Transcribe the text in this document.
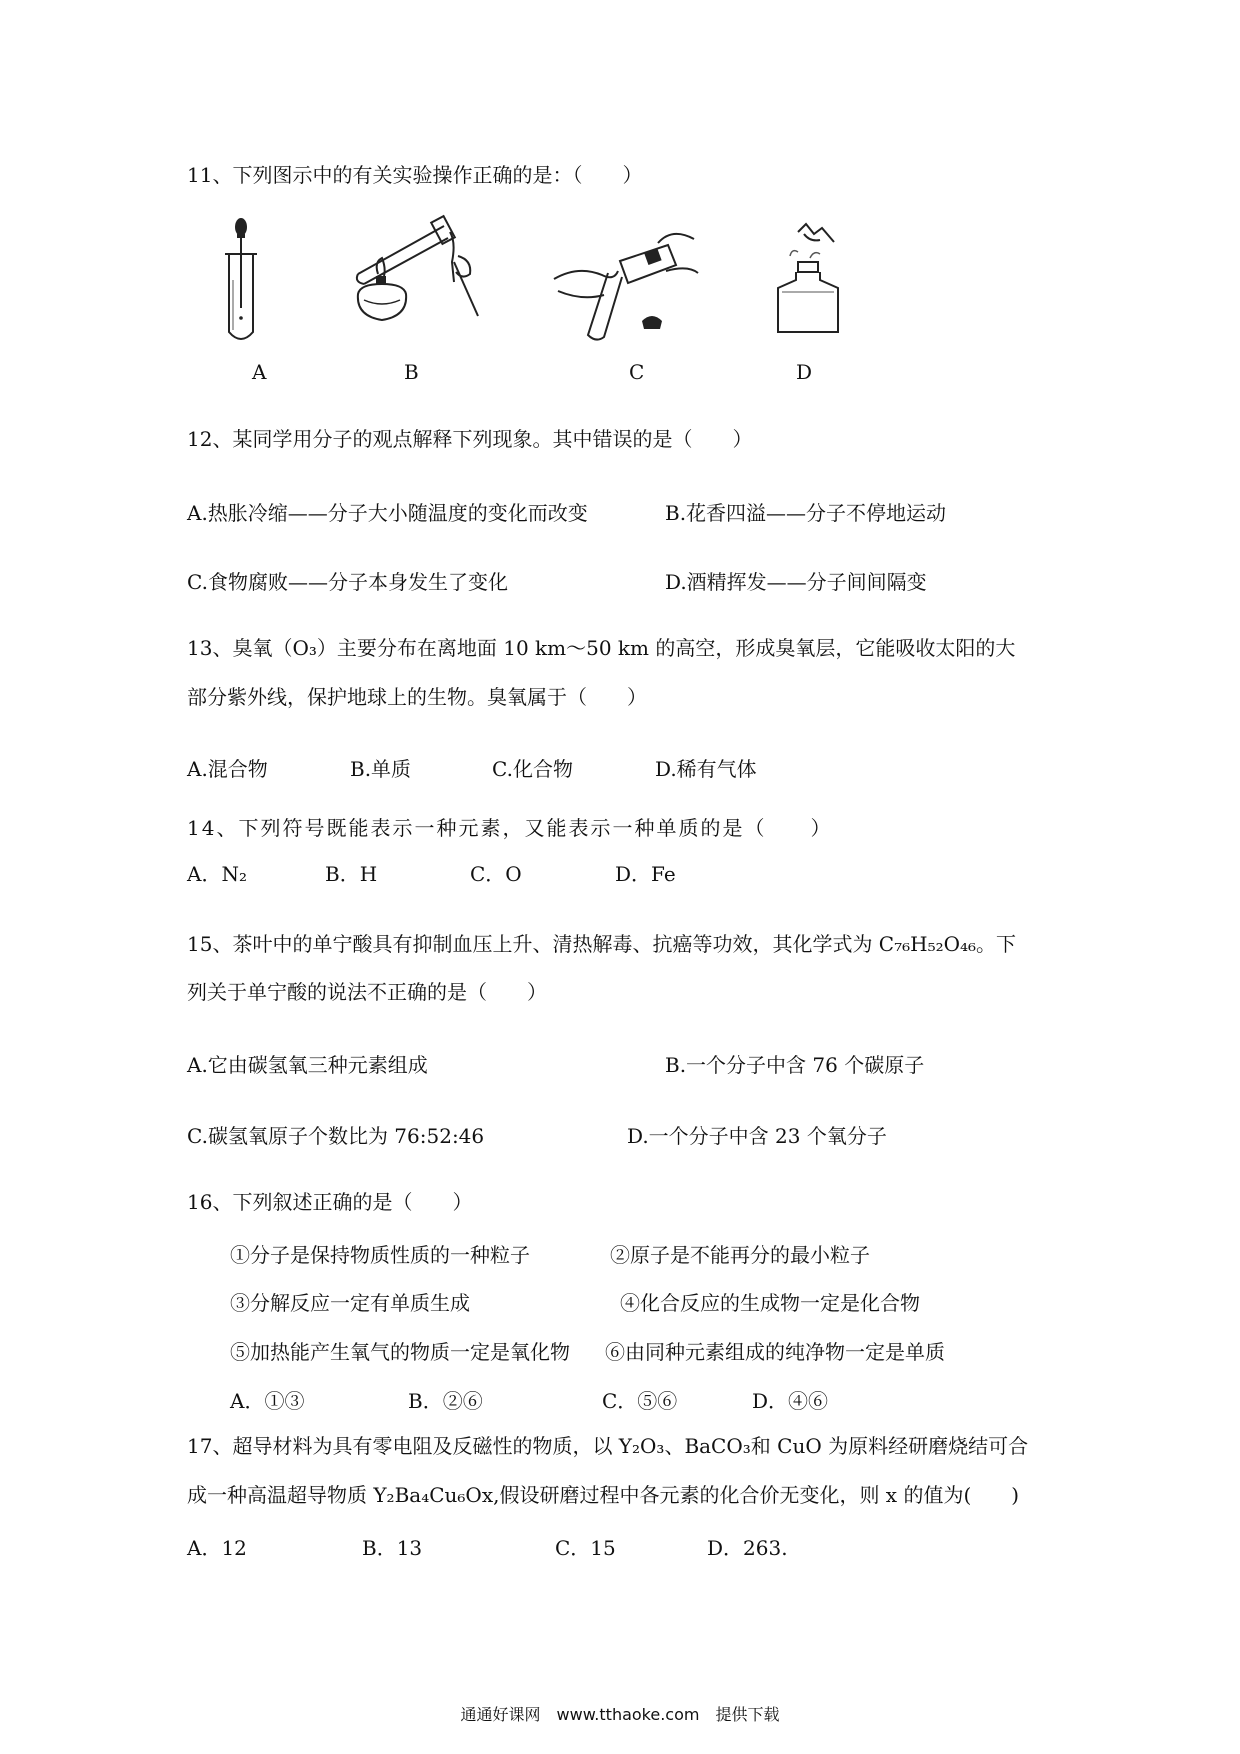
11、下列图示中的有关实验操作正确的是：（　　）
A	B	C	D
12、某同学用分子的观点解释下列现象。其中错误的是（　　）
A.热胀冷缩——分子大小随温度的变化而改变	B.花香四溢——分子不停地运动
C.食物腐败——分子本身发生了变化	D.酒精挥发——分子间间隔变
13、臭氧（O₃）主要分布在离地面 10 km～50 km 的高空，形成臭氧层，它能吸收太阳的大
部分紫外线，保护地球上的生物。臭氧属于（　　）
A.混合物	B.单质	C.化合物	D.稀有气体
14、下列符号既能表示一种元素，又能表示一种单质的是（　　）
A．N₂	B．H	C．O	D．Fe
15、茶叶中的单宁酸具有抑制血压上升、清热解毒、抗癌等功效，其化学式为 C₇₆H₅₂O₄₆。下
列关于单宁酸的说法不正确的是（　　）
A.它由碳氢氧三种元素组成	B.一个分子中含 76 个碳原子
C.碳氢氧原子个数比为 76:52:46	D.一个分子中含 23 个氧分子
16、下列叙述正确的是（　　）
①分子是保持物质性质的一种粒子	②原子是不能再分的最小粒子
③分解反应一定有单质生成	④化合反应的生成物一定是化合物
⑤加热能产生氧气的物质一定是氧化物 ⑥由同种元素组成的纯净物一定是单质
A．①③	B．②⑥	C．⑤⑥	D．④⑥
17、超导材料为具有零电阻及反磁性的物质，以 Y₂O₃、BaCO₃和 CuO 为原料经研磨烧结可合
成一种高温超导物质 Y₂Ba₄Cu₆Ox,假设研磨过程中各元素的化合价无变化，则 x 的值为(　　)
A．12	B．13	C．15	D．263.
通通好课网　www.tthaoke.com　提供下载
